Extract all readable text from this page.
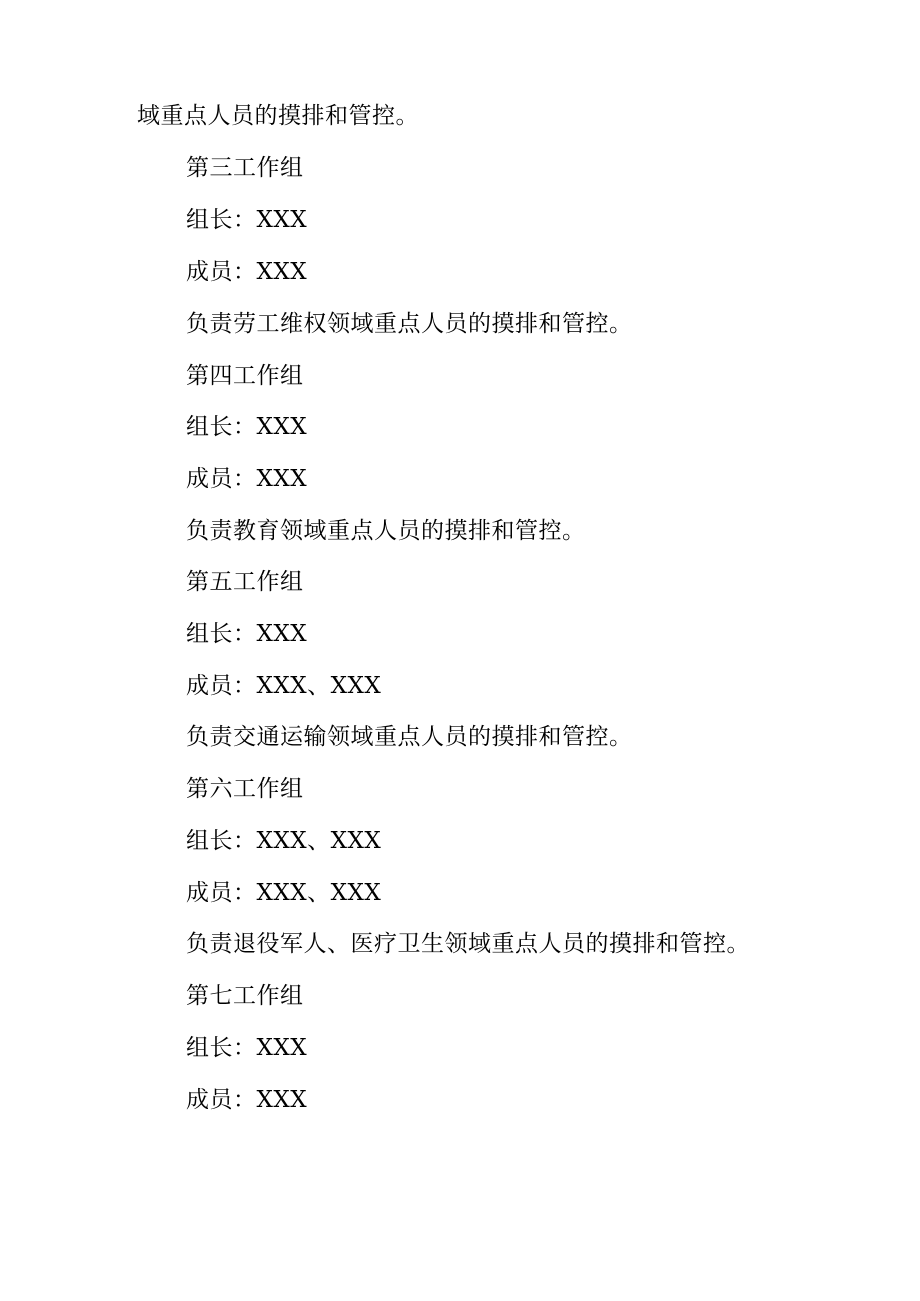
域重点人员的摸排和管控。
第三工作组
组长：XXX
成员：XXX
负责劳工维权领域重点人员的摸排和管控。
第四工作组
组长：XXX
成员：XXX
负责教育领域重点人员的摸排和管控。
第五工作组
组长：XXX
成员：XXX、XXX
负责交通运输领域重点人员的摸排和管控。
第六工作组
组长：XXX、XXX
成员：XXX、XXX
负责退役军人、医疗卫生领域重点人员的摸排和管控。
第七工作组
组长：XXX
成员：XXX
